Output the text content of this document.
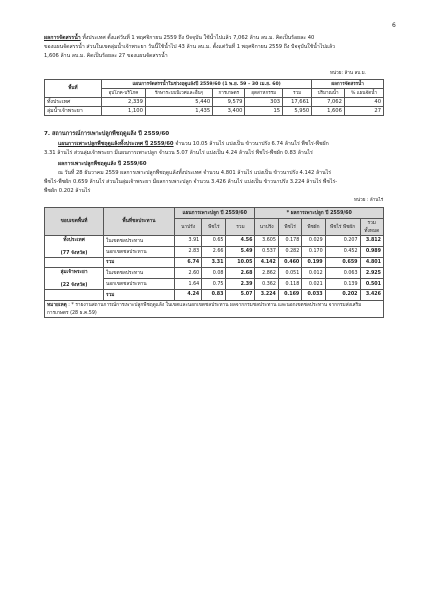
6

ผลการจัดสรรน้ำ ทั้งประเทศ ตั้งแต่วันที่ 1 พฤศจิกายน 2559 ถึง ปัจจุบัน ใช้น้ำไปแล้ว 7,062 ล้าน ลบ.ม. คิดเป็นร้อยละ 40
ของแผนจัดสรรน้ำ ส่วนในเขตลุ่มน้ำเจ้าพระยา วันนี้ใช้น้ำไป 43 ล้าน ลบ.ม. ตั้งแต่วันที่ 1 พฤศจิกายน 2559 ถึง ปัจจุบันใช้น้ำไปแล้ว
1,606 ล้าน ลบ.ม. คิดเป็นร้อยละ 27 ของแผนจัดสรรน้ำ

หน่วย: ล้าน ลบ.ม.
พื้นที่	แผนการจัดสรรน้ำในช่วงฤดูแล้งปี 2559/60 (1 พ.ย. 59 – 30 เม.ย. 60)					ผลการจัดสรรน้ำ	
	อุปโภค-บริโภค	รักษาระบบนิเวศและอื่นๆ	การเกษตร	อุตสาหกรรม	รวม	ปริมาณน้ำ	% แผนจัดน้ำ
ทั้งประเทศ	2,339	5,440	9,579	303	17,661	7,062	40
ลุ่มน้ำเจ้าพระยา	1,100	1,435	3,400	15	5,950	1,606	27

7. สถานการณ์การเพาะปลูกพืชฤดูแล้ง ปี 2559/60

แผนการเพาะปลูกพืชฤดูแล้งทั้งประเทศ ปี 2559/60 จำนวน 10.05 ล้านไร่ แบ่งเป็น ข้าวนาปรัง 6.74 ล้านไร่ พืชไร่-พืชผัก
3.31 ล้านไร่ ส่วนลุ่มเจ้าพระยา มีแผนการเพาะปลูก จำนวน 5.07 ล้านไร่ แบ่งเป็น 4.24 ล้านไร่ พืชไร่-พืชผัก 0.83 ล้านไร่

ผลการเพาะปลูกพืชฤดูแล้ง ปี 2559/60

ณ วันที่ 28 ธันวาคม 2559 ผลการเพาะปลูกพืชฤดูแล้งทั้งประเทศ จำนวน 4.801 ล้านไร่ แบ่งเป็น ข้าวนาปรัง 4.142 ล้านไร่
พืชไร่-พืชผัก 0.659 ล้านไร่ ส่วนในลุ่มเจ้าพระยา มีผลการเพาะปลูก จำนวน 3.426 ล้านไร่ แบ่งเป็น ข้าวนาปรัง 3.224 ล้านไร่ พืชไร่-
พืชผัก 0.202 ล้านไร่

หน่วย : ล้านไร่
ขอบเขตพื้นที่	พื้นที่ชลประทาน	แผนการเพาะปลูก ปี 2559/60			* ผลการเพาะปลูก ปี 2559/60				
		นาปรัง	พืชไร่	รวม	นาปรัง	พืชไร่	พืชผัก	พืชไร่ พืชผัก	รวม
ทั้งหมด
ทั้งประเทศ

(77 จังหวัด)	ในเขตชลประทาน	3.91	0.65	4.56	3.605	0.178	0.029	0.207	3.812
	นอกเขตชลประทาน	2.83	2.66	5.49	0.537	0.282	0.170	0.452	0.989
	รวม	6.74	3.31	10.05	4.142	0.460	0.199	0.659	4.801
ลุ่มเจ้าพระยา

(22 จังหวัด)	ในเขตชลประทาน	2.60	0.08	2.68	2.862	0.051	0.012	0.063	2.925
	นอกเขตชลประทาน	1.64	0.75	2.39	0.362	0.118	0.021	0.139	0.501
	รวม	4.24	0.83	5.07	3.224	0.169	0.033	0.202	3.426
หมายเหตุ : * รายงานสถานการณ์การเพาะปลูกพืชฤดูแล้ง ในเขตและนอกเขตชลประทาน ผลจากกรมชลประทาน และนอกเขตชลประทาน จากกรมส่งเสริมการเกษตร (28 ธ.ค.59)									
